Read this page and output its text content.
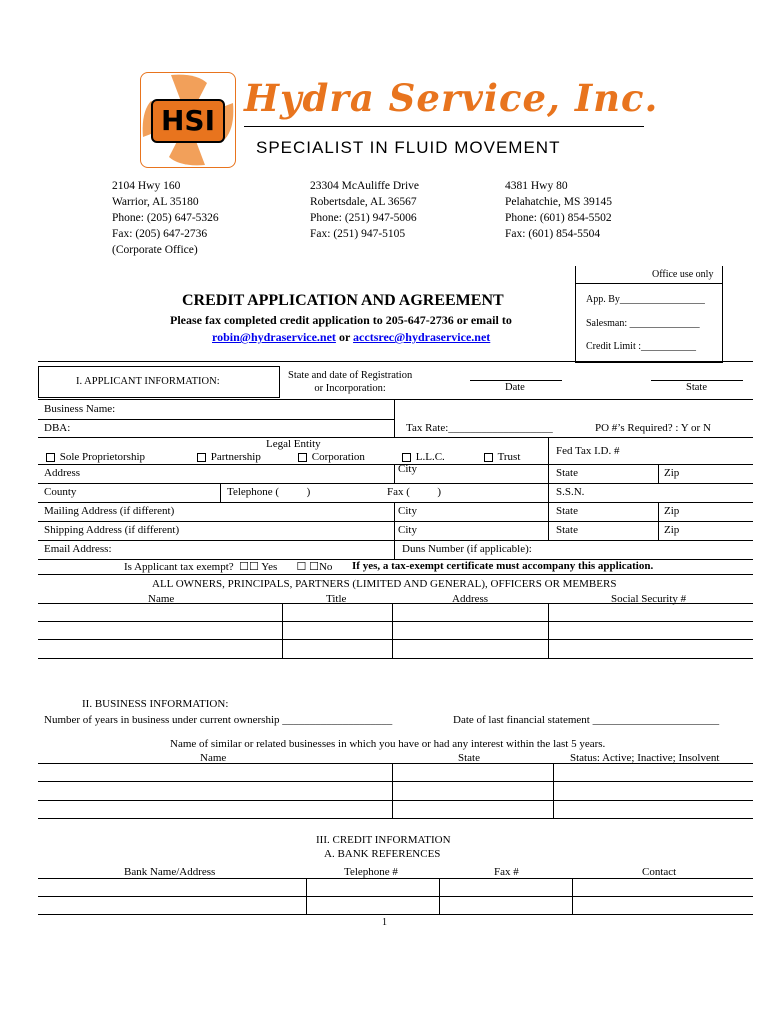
HSI
Hydra Service, Inc.
SPECIALIST IN FLUID MOVEMENT
2104 Hwy 160
Warrior, AL 35180
Phone: (205) 647-5326
Fax: (205) 647-2736
(Corporate Office)
23304 McAuliffe Drive
Robertsdale, AL 36567
Phone: (251) 947-5006
Fax: (251) 947-5105
4381 Hwy 80
Pelahatchie, MS 39145
Phone: (601) 854-5502
Fax: (601) 854-5504
Office use only
App. By_________________
Salesman: ______________
Credit Limit :___________
CREDIT APPLICATION AND AGREEMENT
Please fax completed credit application to 205-647-2736 or email to
robin@hydraservice.net or acctsrec@hydraservice.net
I. APPLICANT INFORMATION:
State and date of Registration
or Incorporation:	Date	State
Business Name:
DBA:	Tax Rate:___________________	PO #’s Required? : Y or N
Legal Entity
Fed Tax I.D. #
Sole Proprietorship	Partnership	Corporation	L.L.C.	Trust
Address	City	State	Zip
County	Telephone (          )	Fax (          )	S.S.N.
Mailing Address (if different)	City	State	Zip
Shipping Address (if different)	City	State	Zip
Email Address:	Duns Number (if applicable):
Is Applicant tax exempt?  ☐☐ Yes       ☐ ☐No If yes, a tax-exempt certificate must accompany this application.
ALL OWNERS, PRINCIPALS, PARTNERS (LIMITED AND GENERAL), OFFICERS OR MEMBERS
Name	Title	Address	Social Security #
II. BUSINESS INFORMATION:
Number of years in business under current ownership ____________________	Date of last financial statement _______________________
Name of similar or related businesses in which you have or had any interest within the last 5 years.
Name	State	Status: Active; Inactive; Insolvent
III. CREDIT INFORMATION
A. BANK REFERENCES
Bank Name/Address	Telephone #	Fax #	Contact
1
